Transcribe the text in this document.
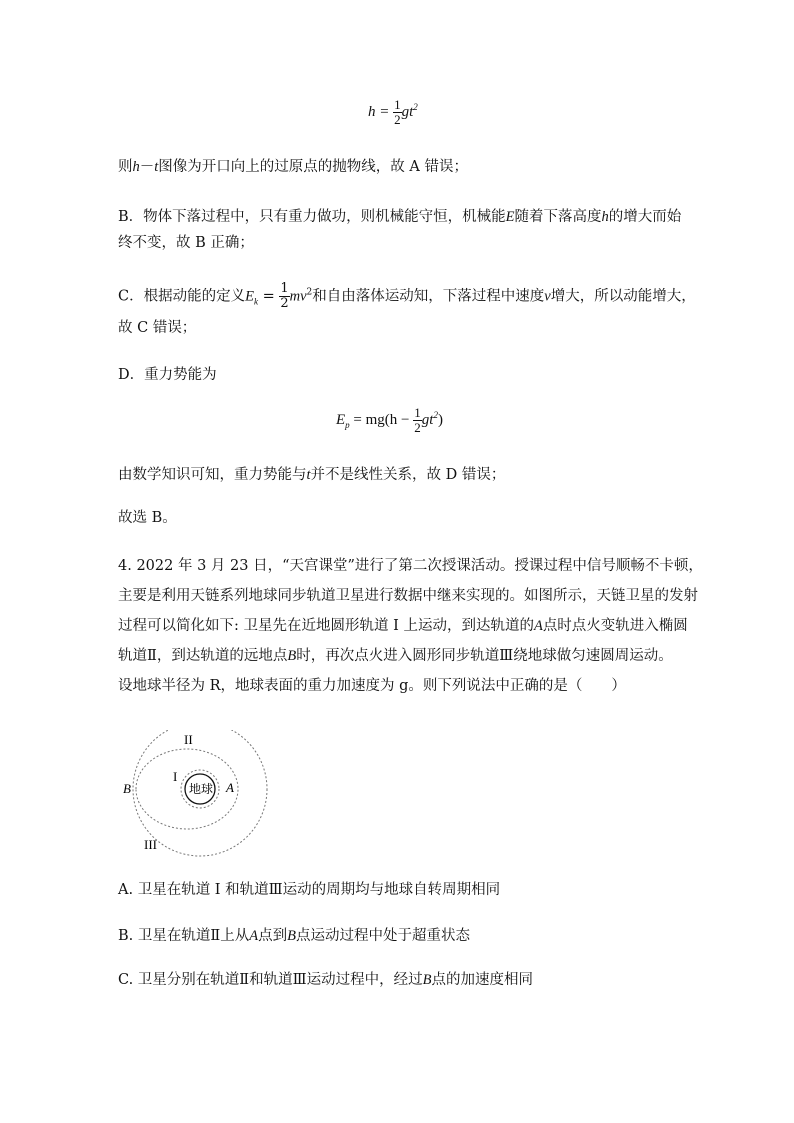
$h = \frac{1}{2} gt^2$
则h－t图像为开口向上的过原点的抛物线，故 A 错误；
B．物体下落过程中，只有重力做功，则机械能守恒，机械能E随着下落高度h的增大而始
终不变，故 B 正确；
C．根据动能的定义$E_k = \frac{1}{2} mv^2$和自由落体运动知，下落过程中速度v增大，所以动能增大，
故 C 错误；
D．重力势能为
$E_p = mg(h - \frac{1}{2} gt^2)$
由数学知识可知，重力势能与t并不是线性关系，故 D 错误；
故选 B。
4. 2022 年 3 月 23 日，“天宫课堂”进行了第二次授课活动。授课过程中信号顺畅不卡顿，
主要是利用天链系列地球同步轨道卫星进行数据中继来实现的。如图所示，天链卫星的发射
过程可以简化如下: 卫星先在近地圆形轨道 I 上运动，到达轨道的A点时点火变轨进入椭圆
轨道Ⅱ，到达轨道的远地点B时，再次点火进入圆形同步轨道Ⅲ绕地球做匀速圆周运动。
设地球半径为 R，地球表面的重力加速度为 g。则下列说法中正确的是（　　）
II
I
地球 A
B
III
A. 卫星在轨道 I 和轨道Ⅲ运动的周期均与地球自转周期相同
B. 卫星在轨道Ⅱ上从A点到B点运动过程中处于超重状态
C. 卫星分别在轨道Ⅱ和轨道Ⅲ运动过程中，经过B点的加速度相同
